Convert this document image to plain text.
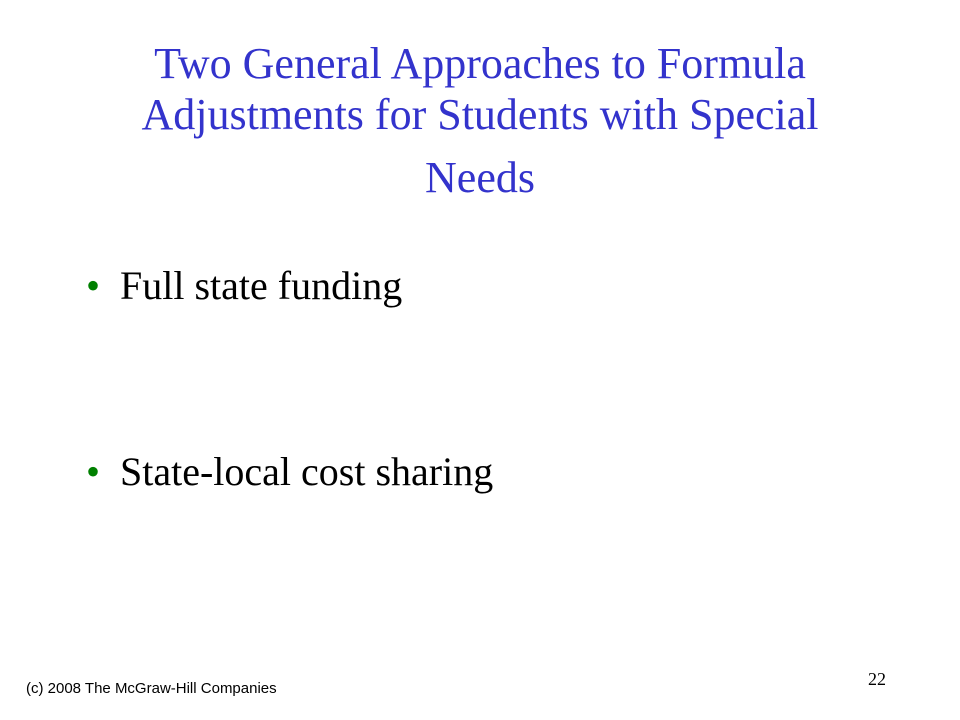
Two General Approaches to Formula
Adjustments for Students with Special
Needs
• Full state funding
• State-local cost sharing
(c) 2008 The McGraw-Hill Companies	22
